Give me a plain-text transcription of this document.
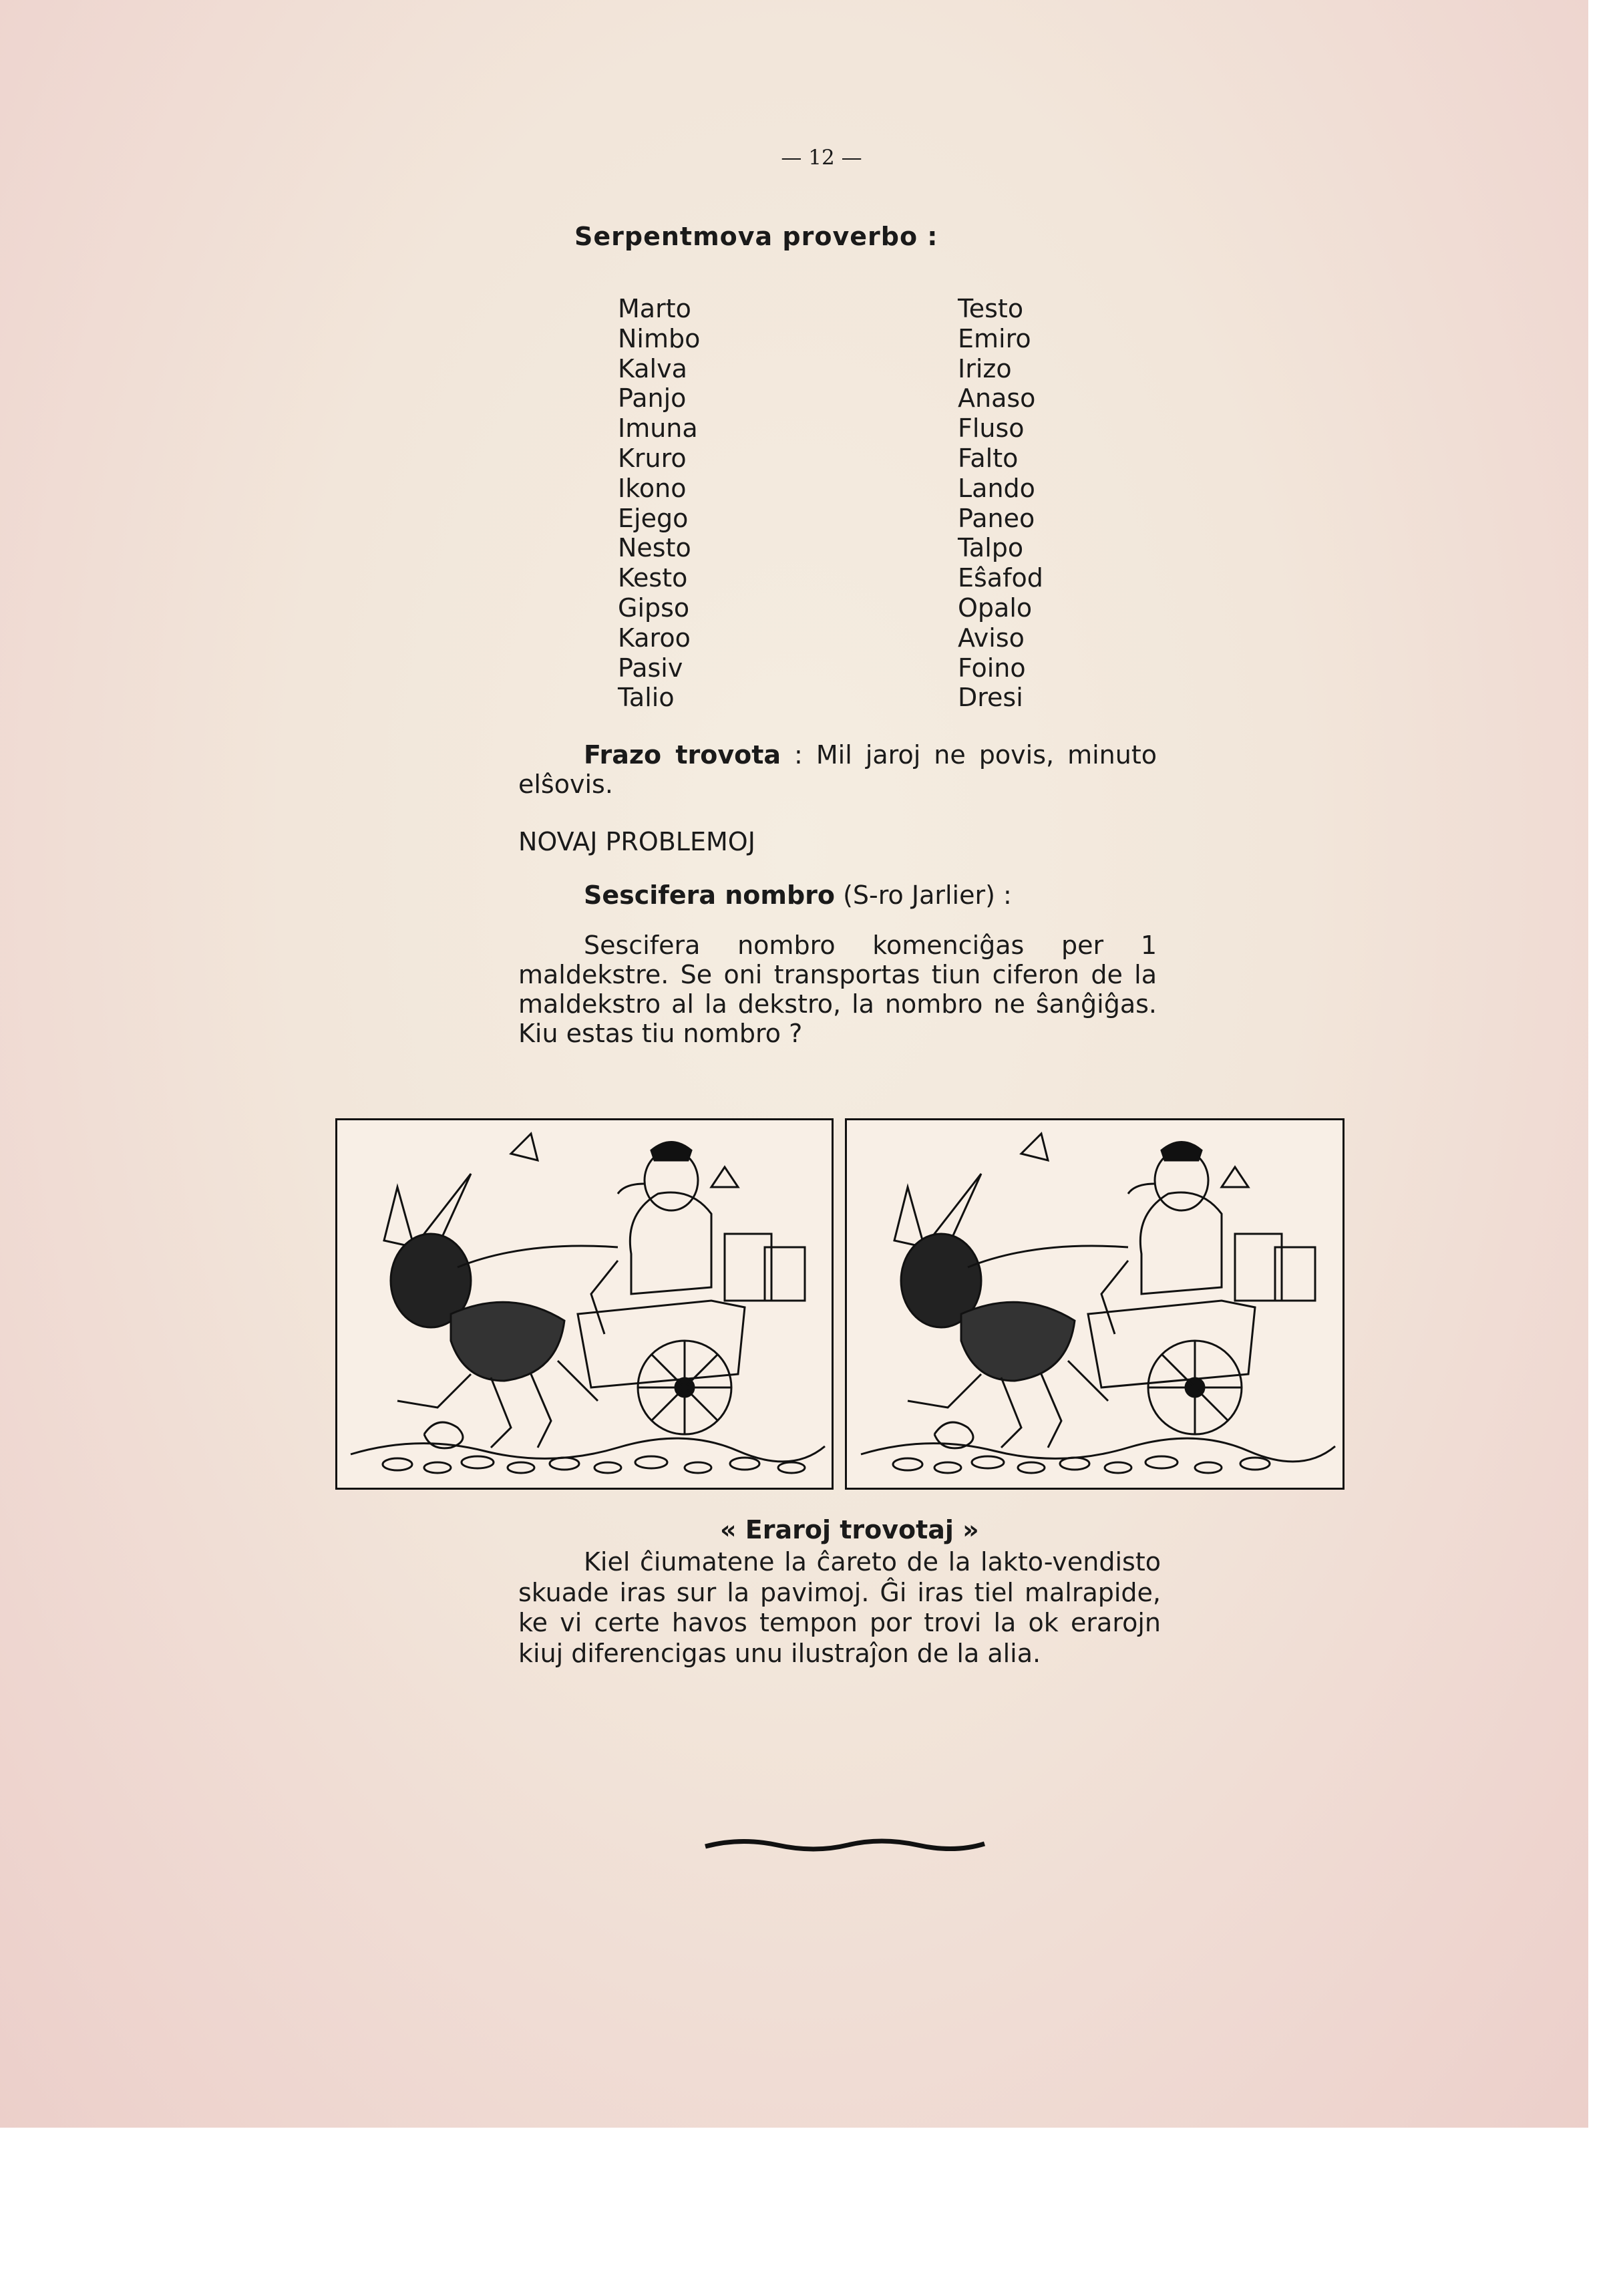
— 12 —
Serpentmova proverbo :
Marto
Nimbo
Kalva
Panjo
Imuna
Kruro
Ikono
Ejego
Nesto
Kesto
Gipso
Karoo
Pasiv
Talio
Testo
Emiro
Irizo
Anaso
Fluso
Falto
Lando
Paneo
Talpo
Eŝafod
Opalo
Aviso
Foino
Dresi
Frazo trovota : Mil jaroj ne povis, minuto elŝovis.
NOVAJ PROBLEMOJ
Sescifera nombro (S-ro Jarlier) :
Sescifera nombro komenciĝas per 1 maldekstre. Se oni transportas tiun ciferon de la maldekstro al la dekstro, la nombro ne ŝanĝiĝas. Kiu estas tiu nombro ?
« Eraroj trovotaj »
Kiel ĉiumatene la ĉareto de la lakto-vendisto skuade iras sur la pavimoj. Ĝi iras tiel malrapide, ke vi certe havos tempon por trovi la ok erarojn kiuj diferencigas unu ilustraĵon de la alia.
